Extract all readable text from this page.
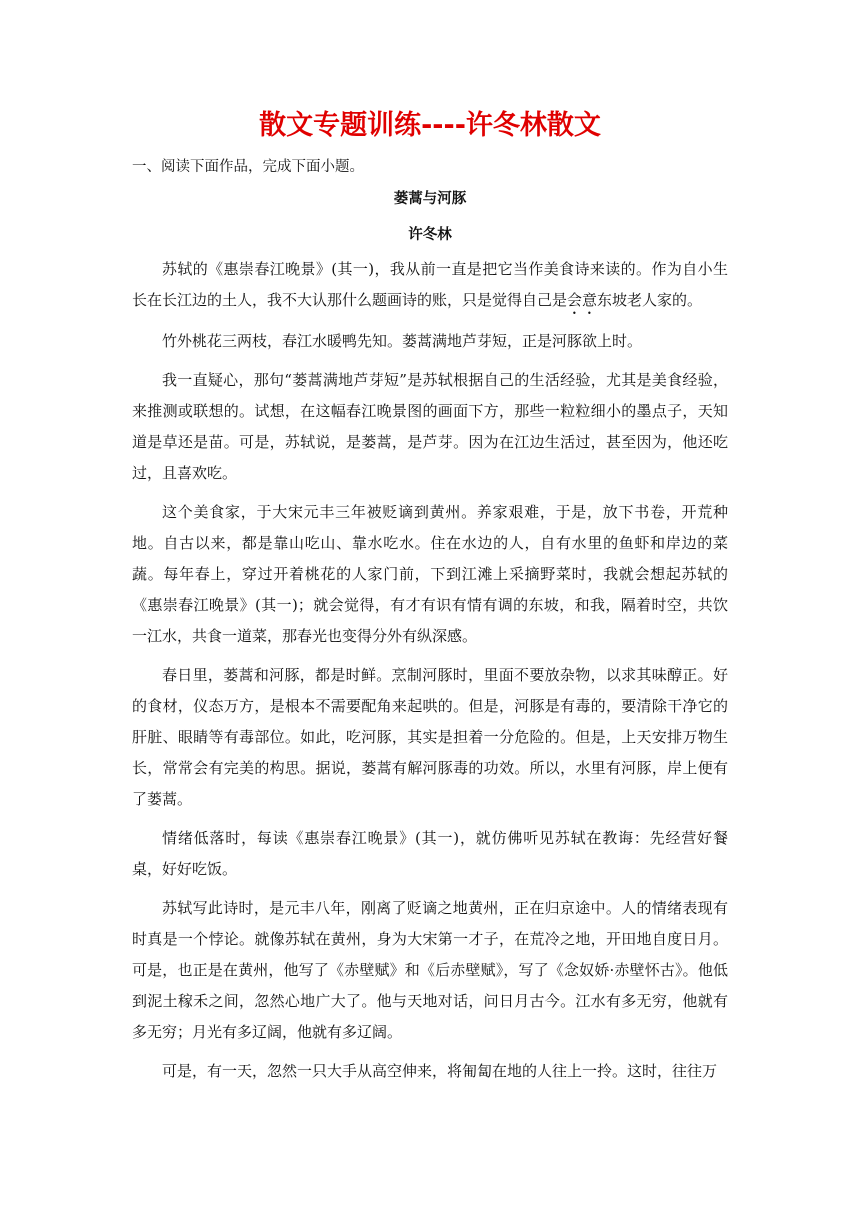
散文专题训练----许冬林散文

一、阅读下面作品，完成下面小题。

蒌蒿与河豚

许冬林

苏轼的《惠崇春江晚景》(其一)，我从前一直是把它当作美食诗来读的。作为自小生长在长江边的土人，我不大认那什么题画诗的账，只是觉得自己是会意东坡老人家的。

竹外桃花三两枝，春江水暖鸭先知。蒌蒿满地芦芽短，正是河豚欲上时。

我一直疑心，那句“蒌蒿满地芦芽短”是苏轼根据自己的生活经验，尤其是美食经验，来推测或联想的。试想，在这幅春江晚景图的画面下方，那些一粒粒细小的墨点子，天知道是草还是苗。可是，苏轼说，是蒌蒿，是芦芽。因为在江边生活过，甚至因为，他还吃过，且喜欢吃。

这个美食家，于大宋元丰三年被贬谪到黄州。养家艰难，于是，放下书卷，开荒种地。自古以来，都是靠山吃山、靠水吃水。住在水边的人，自有水里的鱼虾和岸边的菜蔬。每年春上，穿过开着桃花的人家门前，下到江滩上采摘野菜时，我就会想起苏轼的《惠崇春江晚景》(其一)；就会觉得，有才有识有情有调的东坡，和我，隔着时空，共饮一江水，共食一道菜，那春光也变得分外有纵深感。

春日里，蒌蒿和河豚，都是时鲜。烹制河豚时，里面不要放杂物，以求其味醇正。好的食材，仪态万方，是根本不需要配角来起哄的。但是，河豚是有毒的，要清除干净它的肝脏、眼睛等有毒部位。如此，吃河豚，其实是担着一分危险的。但是，上天安排万物生长，常常会有完美的构思。据说，蒌蒿有解河豚毒的功效。所以，水里有河豚，岸上便有了蒌蒿。

情绪低落时，每读《惠崇春江晚景》(其一)，就仿佛听见苏轼在教诲：先经营好餐桌，好好吃饭。

苏轼写此诗时，是元丰八年，刚离了贬谪之地黄州，正在归京途中。人的情绪表现有时真是一个悖论。就像苏轼在黄州，身为大宋第一才子，在荒冷之地，开田地自度日月。可是，也正是在黄州，他写了《赤壁赋》和《后赤壁赋》，写了《念奴娇·赤壁怀古》。他低到泥土稼禾之间，忽然心地广大了。他与天地对话，问日月古今。江水有多无穷，他就有多无穷；月光有多辽阔，他就有多辽阔。

可是，有一天，忽然一只大手从高空伸来，将匍匐在地的人往上一拎。这时，往往万
